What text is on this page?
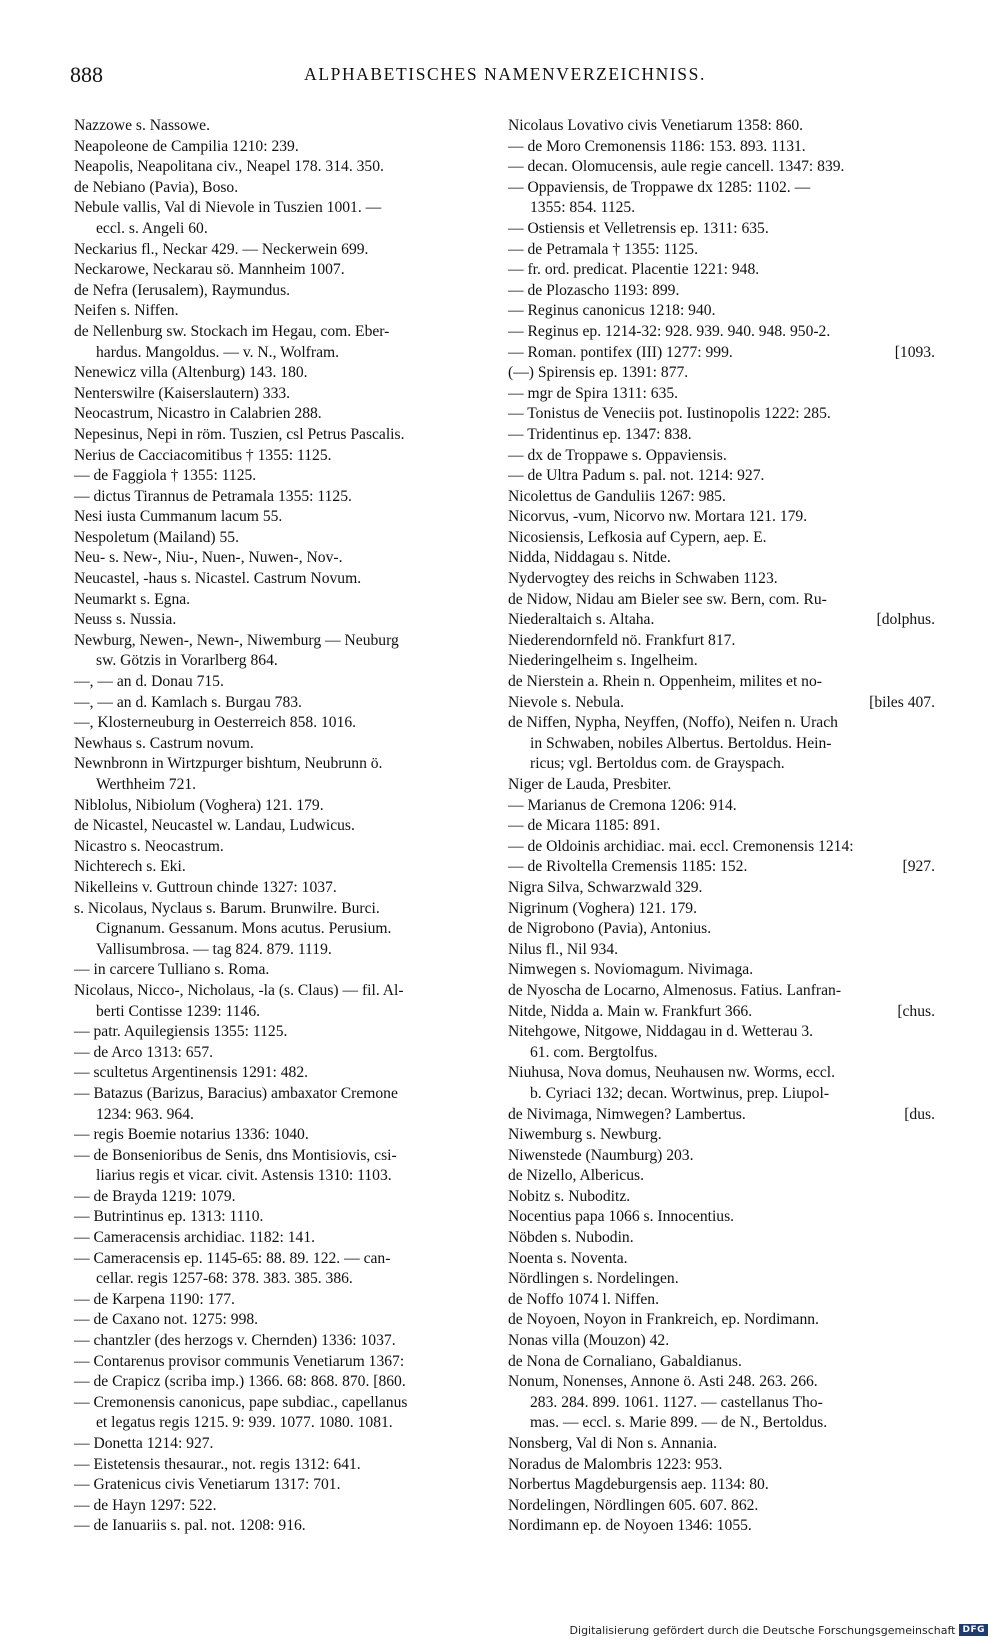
888	ALPHABETISCHES NAMENVERZEICHNISS.
Nazzowe s. Nassowe.
Neapoleone de Campilia 1210: 239.
Neapolis, Neapolitana civ., Neapel 178. 314. 350.
de Nebiano (Pavia), Boso.
Nebule vallis, Val di Nievole in Tuszien 1001. —
eccl. s. Angeli 60.
Neckarius fl., Neckar 429. — Neckerwein 699.
Neckarowe, Neckarau sö. Mannheim 1007.
de Nefra (Ierusalem), Raymundus.
Neifen s. Niffen.
de Nellenburg sw. Stockach im Hegau, com. Eber-
hardus. Mangoldus. — v. N., Wolfram.
Nenewicz villa (Altenburg) 143. 180.
Nenterswilre (Kaiserslautern) 333.
Neocastrum, Nicastro in Calabrien 288.
Nepesinus, Nepi in röm. Tuszien, csl Petrus Pascalis.
Nerius de Cacciacomitibus † 1355: 1125.
— de Faggiola † 1355: 1125.
— dictus Tirannus de Petramala 1355: 1125.
Nesi iusta Cummanum lacum 55.
Nespoletum (Mailand) 55.
Neu- s. New-, Niu-, Nuen-, Nuwen-, Nov-.
Neucastel, -haus s. Nicastel. Castrum Novum.
Neumarkt s. Egna.
Neuss s. Nussia.
Newburg, Newen-, Newn-, Niwemburg — Neuburg
sw. Götzis in Vorarlberg 864.
—, — an d. Donau 715.
—, — an d. Kamlach s. Burgau 783.
—, Klosterneuburg in Oesterreich 858. 1016.
Newhaus s. Castrum novum.
Newnbronn in Wirtzpurger bishtum, Neubrunn ö.
Werthheim 721.
Niblolus, Nibiolum (Voghera) 121. 179.
de Nicastel, Neucastel w. Landau, Ludwicus.
Nicastro s. Neocastrum.
Nichterech s. Eki.
Nikelleins v. Guttroun chinde 1327: 1037.
s. Nicolaus, Nyclaus s. Barum. Brunwilre. Burci.
Cignanum. Gessanum. Mons acutus. Perusium.
Vallisumbrosa. — tag 824. 879. 1119.
— in carcere Tulliano s. Roma.
Nicolaus, Nicco-, Nicholaus, -la (s. Claus) — fil. Al-
berti Contisse 1239: 1146.
— patr. Aquilegiensis 1355: 1125.
— de Arco 1313: 657.
— scultetus Argentinensis 1291: 482.
— Batazus (Barizus, Baracius) ambaxator Cremone
1234: 963. 964.
— regis Boemie notarius 1336: 1040.
— de Bonsenioribus de Senis, dns Montisiovis, csi-
liarius regis et vicar. civit. Astensis 1310: 1103.
— de Brayda 1219: 1079.
— Butrintinus ep. 1313: 1110.
— Cameracensis archidiac. 1182: 141.
— Cameracensis ep. 1145-65: 88. 89. 122. — can-
cellar. regis 1257-68: 378. 383. 385. 386.
— de Karpena 1190: 177.
— de Caxano not. 1275: 998.
— chantzler (des herzogs v. Chernden) 1336: 1037.
— Contarenus provisor communis Venetiarum 1367:
— de Crapicz (scriba imp.) 1366. 68: 868. 870. [860.
— Cremonensis canonicus, pape subdiac., capellanus
et legatus regis 1215. 9: 939. 1077. 1080. 1081.
— Donetta 1214: 927.
— Eistetensis thesaurar., not. regis 1312: 641.
— Gratenicus civis Venetiarum 1317: 701.
— de Hayn 1297: 522.
— de Ianuariis s. pal. not. 1208: 916.
Nicolaus Lovativo civis Venetiarum 1358: 860.
— de Moro Cremonensis 1186: 153. 893. 1131.
— decan. Olomucensis, aule regie cancell. 1347: 839.
— Oppaviensis, de Troppawe dx 1285: 1102. —
1355: 854. 1125.
— Ostiensis et Velletrensis ep. 1311: 635.
— de Petramala † 1355: 1125.
— fr. ord. predicat. Placentie 1221: 948.
— de Plozascho 1193: 899.
— Reginus canonicus 1218: 940.
— Reginus ep. 1214-32: 928. 939. 940. 948. 950-2.
— Roman. pontifex (III) 1277: 999.	[1093.
(—) Spirensis ep. 1391: 877.
— mgr de Spira 1311: 635.
— Tonistus de Veneciis pot. Iustinopolis 1222: 285.
— Tridentinus ep. 1347: 838.
— dx de Troppawe s. Oppaviensis.
— de Ultra Padum s. pal. not. 1214: 927.
Nicolettus de Ganduliis 1267: 985.
Nicorvus, -vum, Nicorvo nw. Mortara 121. 179.
Nicosiensis, Lefkosia auf Cypern, aep. E.
Nidda, Niddagau s. Nitde.
Nydervogtey des reichs in Schwaben 1123.
de Nidow, Nidau am Bieler see sw. Bern, com. Ru-
Niederaltaich s. Altaha.	[dolphus.
Niederendornfeld nö. Frankfurt 817.
Niederingelheim s. Ingelheim.
de Nierstein a. Rhein n. Oppenheim, milites et no-
Nievole s. Nebula.	[biles 407.
de Niffen, Nypha, Neyffen, (Noffo), Neifen n. Urach
in Schwaben, nobiles Albertus. Bertoldus. Hein-
ricus; vgl. Bertoldus com. de Grayspach.
Niger de Lauda, Presbiter.
— Marianus de Cremona 1206: 914.
— de Micara 1185: 891.
— de Oldoinis archidiac. mai. eccl. Cremonensis 1214:
— de Rivoltella Cremensis 1185: 152.	[927.
Nigra Silva, Schwarzwald 329.
Nigrinum (Voghera) 121. 179.
de Nigrobono (Pavia), Antonius.
Nilus fl., Nil 934.
Nimwegen s. Noviomagum. Nivimaga.
de Nyoscha de Locarno, Almenosus. Fatius. Lanfran-
Nitde, Nidda a. Main w. Frankfurt 366.	[chus.
Nitehgowe, Nitgowe, Niddagau in d. Wetterau 3.
61. com. Bergtolfus.
Niuhusa, Nova domus, Neuhausen nw. Worms, eccl.
b. Cyriaci 132; decan. Wortwinus, prep. Liupol-
de Nivimaga, Nimwegen? Lambertus.	[dus.
Niwemburg s. Newburg.
Niwenstede (Naumburg) 203.
de Nizello, Albericus.
Nobitz s. Nuboditz.
Nocentius papa 1066 s. Innocentius.
Nöbden s. Nubodin.
Noenta s. Noventa.
Nördlingen s. Nordelingen.
de Noffo 1074 l. Niffen.
de Noyoen, Noyon in Frankreich, ep. Nordimann.
Nonas villa (Mouzon) 42.
de Nona de Cornaliano, Gabaldianus.
Nonum, Nonenses, Annone ö. Asti 248. 263. 266.
283. 284. 899. 1061. 1127. — castellanus Tho-
mas. — eccl. s. Marie 899. — de N., Bertoldus.
Nonsberg, Val di Non s. Annania.
Noradus de Malombris 1223: 953.
Norbertus Magdeburgensis aep. 1134: 80.
Nordelingen, Nördlingen 605. 607. 862.
Nordimann ep. de Noyoen 1346: 1055.
Digitalisierung gefördert durch die Deutsche Forschungsgemeinschaft DFG
